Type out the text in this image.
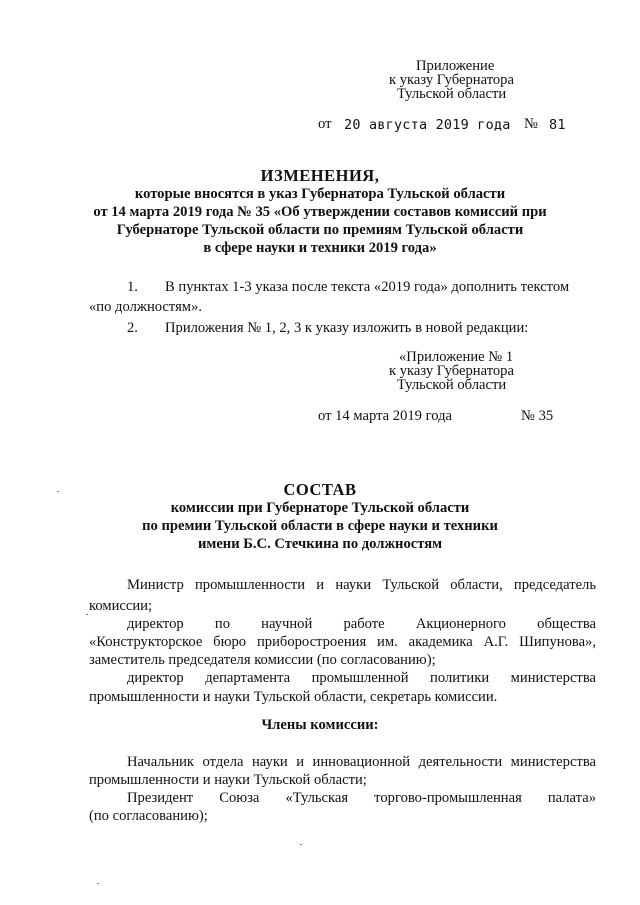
Приложение
к указу Губернатора
Тульской области
от 20 августа 2019 года № 81
ИЗМЕНЕНИЯ,
которые вносятся в указ Губернатора Тульской области
от 14 марта 2019 года № 35 «Об утверждении составов комиссий при
Губернаторе Тульской области по премиям Тульской области
в сфере науки и техники 2019 года»
1. В пунктах 1-3 указа после текста «2019 года» дополнить текстом
«по должностям».
2. Приложения № 1, 2, 3 к указу изложить в новой редакции:
«Приложение № 1
к указу Губернатора
Тульской области
от 14 марта 2019 года	№ 35
СОСТАВ
комиссии при Губернаторе Тульской области
по премии Тульской области в сфере науки и техники
имени Б.С. Стечкина по должностям
Министр промышленности и науки Тульской области, председатель
комиссии;
директор по научной работе Акционерного общества
«Конструкторское бюро приборостроения им. академика А.Г. Шипунова»,
заместитель председателя комиссии (по согласованию);
директор департамента промышленной политики министерства
промышленности и науки Тульской области, секретарь комиссии.
Члены комиссии:
Начальник отдела науки и инновационной деятельности министерства
промышленности и науки Тульской области;
Президент Союза «Тульская торгово-промышленная палата»
(по согласованию);
